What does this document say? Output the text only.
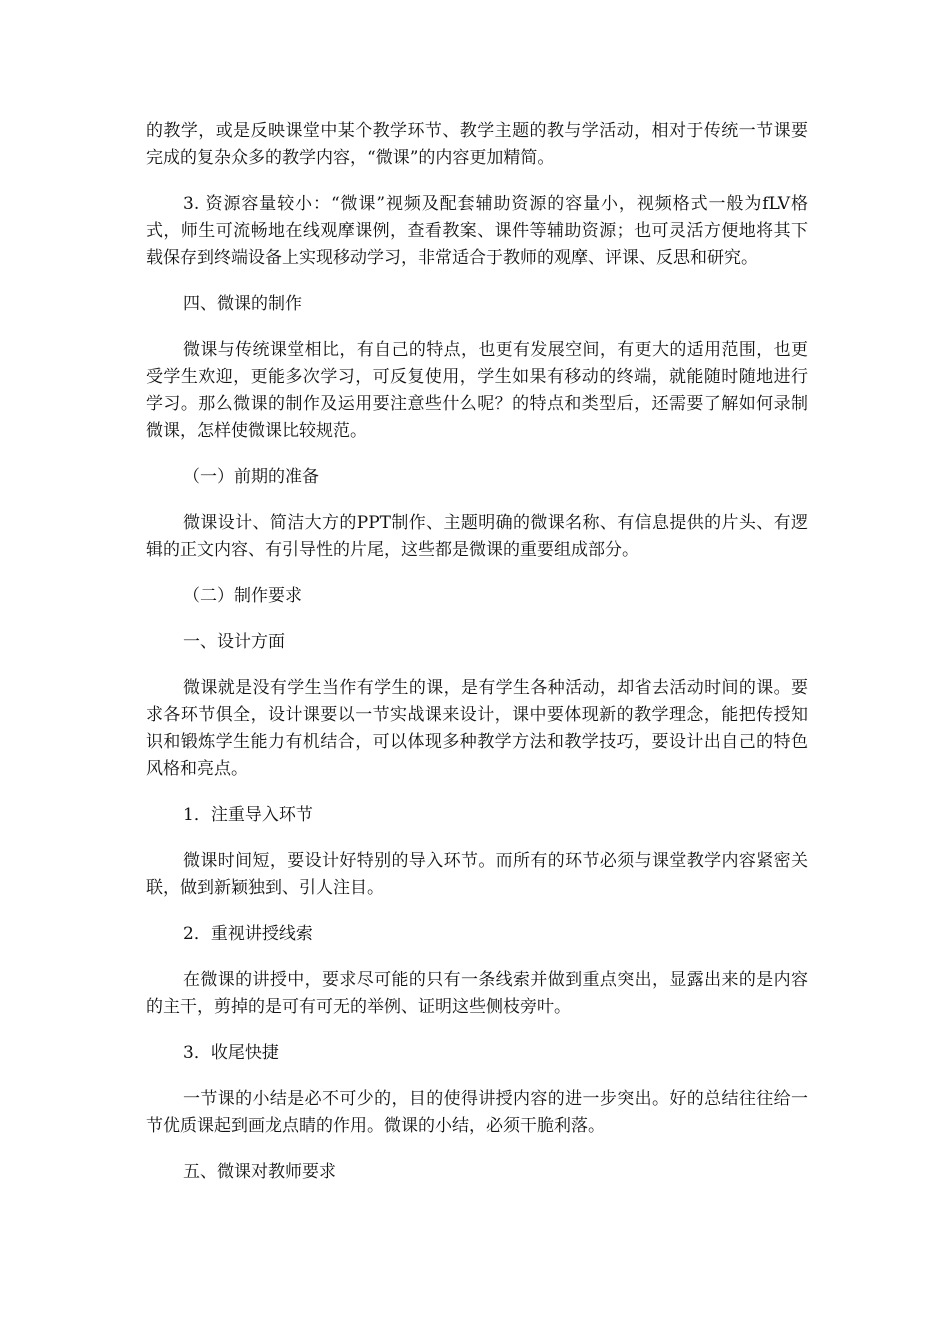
的教学，或是反映课堂中某个教学环节、教学主题的教与学活动，相对于传统一节课要完成的复杂众多的教学内容，“微课”的内容更加精简。

3. 资源容量较小：“微课”视频及配套辅助资源的容量小，视频格式一般为fLV格式，师生可流畅地在线观摩课例，查看教案、课件等辅助资源；也可灵活方便地将其下载保存到终端设备上实现移动学习，非常适合于教师的观摩、评课、反思和研究。

四、微课的制作

微课与传统课堂相比，有自己的特点，也更有发展空间，有更大的适用范围，也更受学生欢迎，更能多次学习，可反复使用，学生如果有移动的终端，就能随时随地进行学习。那么微课的制作及运用要注意些什么呢？的特点和类型后，还需要了解如何录制微课，怎样使微课比较规范。

（一）前期的准备

微课设计、简洁大方的PPT制作、主题明确的微课名称、有信息提供的片头、有逻辑的正文内容、有引导性的片尾，这些都是微课的重要组成部分。

（二）制作要求

一、设计方面

微课就是没有学生当作有学生的课，是有学生各种活动，却省去活动时间的课。要求各环节俱全，设计课要以一节实战课来设计，课中要体现新的教学理念，能把传授知识和锻炼学生能力有机结合，可以体现多种教学方法和教学技巧，要设计出自己的特色风格和亮点。

1．注重导入环节

微课时间短，要设计好特别的导入环节。而所有的环节必须与课堂教学内容紧密关联，做到新颖独到、引人注目。

2．重视讲授线索

在微课的讲授中，要求尽可能的只有一条线索并做到重点突出，显露出来的是内容的主干，剪掉的是可有可无的举例、证明这些侧枝旁叶。

3．收尾快捷

一节课的小结是必不可少的，目的使得讲授内容的进一步突出。好的总结往往给一节优质课起到画龙点睛的作用。微课的小结，必须干脆利落。

五、微课对教师要求
